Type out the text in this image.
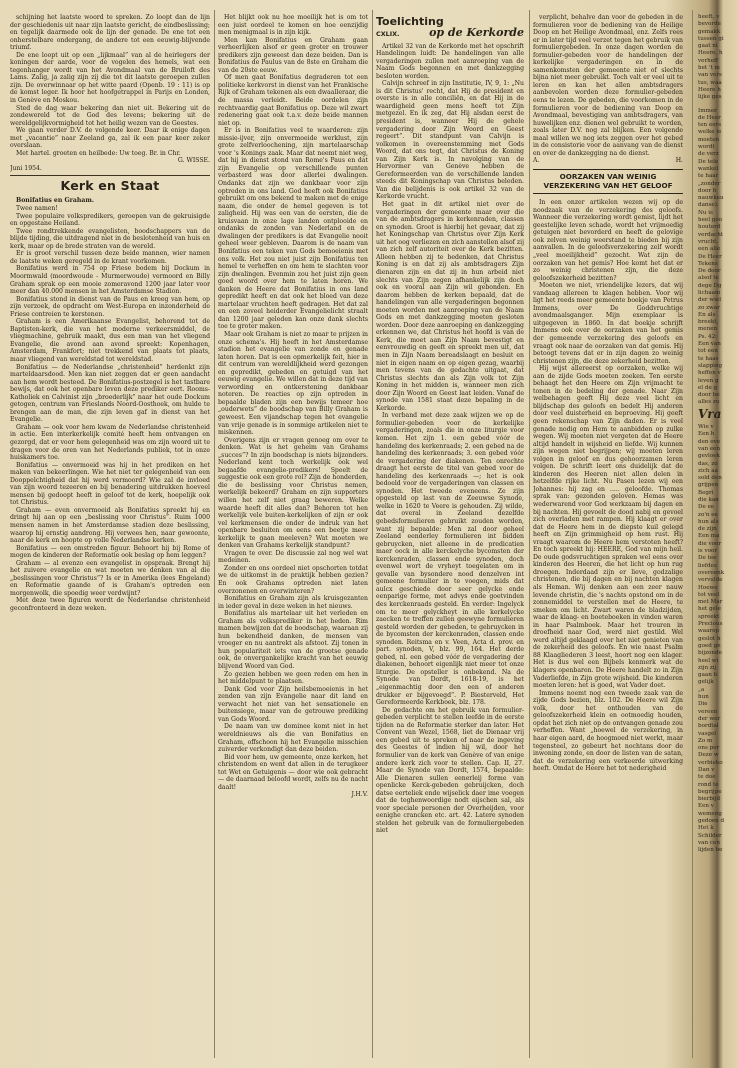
schijning het laatste woord te spreken. Zo loopt dan de lijn der geschiedenis uit naar zijn laatste gericht, de eindbeslissing; en tegelijk daarmede ook de lijn der genade. De ene tot een onherstelbare ondergang, de andere tot een eeuwig-blijvende triumf.

De ene loopt uit op een „lijkmaal” van al de heirlegers der koningen der aarde, voor de vogelen des hemels, wat een tegenhanger wordt van het Avondmaal van de Bruiloft des Lams. Zalig, ja zalig zijn zij die tot dit laatste geroepen zullen zijn. De overwinnaar op het witte paard (Openb. 19 : 11) is op de komst leger. Ik hoor het hoofgetrappel in Parijs en Londen, in Genève en Moskou.

Sted de dag waar bekering dan niet uit. Bekering uit de zondewereld tot de God des levens; bekering uit de wereldgelijkvormigheid tot het heilig wezen van de Geestes.

We gaan verder D.V. de volgende keer. Daar ik enige dagen met „vacantie” naar Zeeland ga, zal ik een paar keer zeker overslaan.

Met hartel. groeten en heilbede: Uw toeg. Br. in Chr.

G. WISSE.

Juni 1954.

Kerk en Staat

Bonifatius en Graham.

Twee namen!

Twee populaire volkspredikers, geroepen van de gekruisigde en opgestane Heiland.

Twee rondtrekkende evangelisten, boodschappers van de blijde tijding, die uitdragend niet in de beslotenheid van huis en kerk, maar op de brede straten van de wereld.

Er is groot verschil tussen deze beide mannen, wier namen de laatste weken geregeld in de krant voorkomen.

Bonifatius werd in 754 op Friese bodem bij Dockum in Moormwald (moordwoude - Murmerwoude) vermoord en Billy Graham sprak op een mooie zomeravond 1200 jaar later voor meer dan 40.000 mensen in het Amsterdamse Stadion.

Bonifatius stond in dienst van de Paus en kreeg van hem, op zijn verzoek, de opdracht om West-Europa en inzonderheid de Friese contreien te kerstenen.

Graham is een Amerikaanse Evangelist, behorend tot de Baptisten-kerk, die van het moderne verkeersmiddel, de vliegmachine, gebruik maakt, dus een man van het vliegend Evangelie, die avond aan avond spreekt: Kopenhagen, Amsterdam, Frankfort; niet trekkend van plaats tot plaats, maar vliegend van wereldstad tot wereldstad.

Bonifatius — de Nederlandse „christenheid” herdenkt zijn marteldaarsdood. Men kan niet zeggen dat er geen aandacht aan hem wordt besteed. De Bonifatius-postzegel is het tastbare bewijs, dat ook het openbare leven deze prediker eert. Rooms-Katholiek en Calvinist zijn „broederlijk” naar het oude Dockum getogen, centrum van Frieslands Noord-Oosthoek, om hulde te brengen aan de man, die zijn leven gaf in dienst van het Evangelie.

Graham — ook voor hem kwam de Nederlandse christenheid in actie. Een interkerkelijk comité heeft hem ontvangen en gezorgd, dat er voor hem gelegenheid was om zijn woord uit te dragen voor de oren van het Nederlands publiek, tot in onze huiskamers toe.

Bonifatius — onvermoeid was hij in het prediken en het maken van bekeerlingen. Wie het niet ter gelegenheid van een Dooppelchtigheid dat hij werd vermoord? Wie zal de invloed van zijn woord tezeeren en bij benadering uitdrukken hoeveel mensen bij gedoopt heeft in geloof tot de kerk, hoepelijk ook tot Christus.

Graham — even onvermoeid als Bonifatius spreekt hij en dringt hij aan op een „beslissing voor Christus”. Ruim 1000 mensen namen in het Amsterdamse stadion deze beslissing, waarop hij ernstig aandrong. Hij verwees hen, naar gewoonte, naar de kerk en hoopte op volle Nederlandse kerken.

Bonifatius — een omstreden figuur. Behoort hij bij Rome of mogen de kinderen der Reformatie ook beslag op hem leggen?

Graham — al evenzo een evangelist in opspraak. Brengt hij het zuivere evangelie en wat moeten we denken van al die „beslissingen voor Christus”? Is er in Amerika (lees Engeland) en Reformatie gaande of is Graham's optreden een morgenwolk, die spoedig weer verdwijnt?

Met deze twee figuren wordt de Nederlandse christenheid geconfronteerd in deze weken.

Het blijkt ook nu hoe moeilijk het is om tot een juist oordeel te komen en hoe eenzijdig men menigmaal is in zijn kijk.

Men kan Bonifatius en Graham gaan verheerlijken alsof er geen groter en trouwer predikers zijn geweest dan deze beiden. Dan is Bonifatius de Paulus van de 8ste en Graham die van de 20ste eeuw.

Of men gaat Bonifatius degraderen tot een politieke kerkvorst in dienst van het Frankische Rijk of Graham tekenen als een dwaalleraar, die de massa verleidt. Beide oordelen zijn rechtvaardig gaat Bonifatius op. Deze wil zwart redenering gaat ook t.a.v. deze beide mannen niet op.

Er is in Bonifatius veel te waarderen: zijn missie-ijver, zijn onvermoeide werklust, zijn grote zelfverloochening, zijn martelaarschap voor 's Konings zaak. Maar dat neemt niet weg, dat hij in dienst stond van Rome's Paus en dat zijn Evangelie op verschillende punten verbasterd was door allerlei dwalingen. Ondanks dat zijn we dankbaar voor zijn optreden in ons land. God heeft ook Bonifatius gebruikt om ons bekend te maken met de enige naam, die onder de hemel gegeven is tot zaligheid. Hij was een van de eersten, die de kruisvaan in onze lage landen ontplooide en ondanks de zonden van Nederland en de dwalingen der predikers is dat Evangelie nooit geheel weer gebleven. Daarom is de naam van Bonifatius een teken van Gods bemoeienis met ons volk. Het zou niet juist zijn Bonifatius ten hemel te verheffen en om hem te slachten voor zijn dwalingen. Evenmin zou het juist zijn geen goed woord over hem te laten horen. We danken de Heere dat Bonifatius in ons land gepredikt heeft en dat ook het bloed van deze martelaar vruchten heeft gedragen. Het dat zal en een zoveel heiderder Evangelielicht straalt dan 1200 jaar geleden kan onze dank slechts toe te groter maken.

Maar ook Graham is niet zo maar te prijzen in onze schema's. Hij heeft in het Amsterdamse stadion het evangelie van zonde en genade laten horen. Dat is een opmerkelijk feit, hier in dit centrum van wereldlijkheid werd gezongen en gepredikt, gebeden en getuigd van het eeuwig evangelie. We willen dat in deze tijd van verwording en ontkerstening dankbaar noteren. De reacties op zijn optreden in bepaalde bladen zijn een bewijs temeer hoe „ouderwets” de boodschap van Billy Graham is geweest. Een vijandschap tegen het evangelie van vrije genade is in sommige artikelen niet te miskennen.

Overigens zijn er vragen genoeg om over te denken. Wat is het geheim van Grahams „succes”? In zijn boodschap is niets bijzonders. Nederland kent toch werkelijk ook wel begaafde evangelie-predikers! Speelt de suggestie ook een grote rol? Zijn de honderden, die de beslissing voor Christus nemen, werkelijk bekeerd? Graham en zijn supporters willen het zelf niet graag beweren. Welke waarde heeft dit alles dan? Behoren tot hen werkelijk vele buiten-kerkelijken of zijn er ook vel kerkmensen die onder de indruk van het openbare besluiten om eens een beetje meer kerkelijk te gaan meeleven? Wat moeten we denken van Grahams kerkelijk standpunt?

Vragen te over. De discussie zal nog wel wat medeinen.

Zonder en ons oordeel niet opschorten totdat we de uitkomst in de praktijk hebben gezien? En ook Grahams optreden niet laten overzonenen en overwinteren?

Bonifatius en Graham zijn als kruisgezanten in ieder geval in deze weken in het nieuws.

Bonifatius als martelaar uit het verleden en Graham als volksprediker in het heden. Rim mamen bewijzen dat de boodschap, waaraan zij hun bekendheid danken, de mensen van vroeger en nu aantrekt als afstoot. Zij tonen in hun populariteit iets van de grootse genade ook, de onvergankelijke kracht van het eeuwig blijvend Woord van God.

Zo gezien hebben we geen reden om hen in het middelpunt te plaatsen.

Dank God voor Zijn heilsbemoeienis in het zenden van zijn Evangelie naar dit land en verwacht het niet van het sensationele en buitensiege, maar van de getrouwe prediking van Gods Woord.

De naam van uw dominee komt niet in het wereldnieuws als die van Bonifatius en Graham, offschoon hij het Evangelie misschien zuiverder verkondigt dan deze beiden.

Bid voor hem, uw gemeente, onze kerken, het christendom en went dat allen in de terugkeer tot Wet en Getuigenis — door wie ook gebracht — de daarnaad beloofd wordt, zelfs nu de nacht daalt!

J.H.V.
Toelichting
CXLIX.	op de Kerkorde

Artikel 32 van de Kerkorde met het opschrift Handelingen luidt: De handelingen van alle vergaderingen zullen met aanroeping van de Naam Gods begonnen en met dankzegging besloten worden.

Calvijn schreef in zijn Institutie, IV, 9, 1: „Nu is dit Christus' recht, dat Hij de president en overste is in alle conciliën, en dat Hij in de waardigheid geen mens heeft tot Zijn metgezel. En ik zeg, dat Hij alsdan eerst de president is, wanneer Hij de gehele vergadering door Zijn Woord en Geest regeert”. Dit standpunt van Calvijn is volkomen in overeenstemming met Gods Woord, dat ons tegt, dat Christus de Koning van Zijn Kerk is. In navolging van de Hervormer van Genève hebben de Gereformeerden van de verschillende landen steeds dit Koningschap van Christus beleden. Van die belijdenis is ook artikel 32 van de Kerkorde vrucht.

Het gaat in dit artikel niet over de vergaderingen der gemeente maar over die van de ambtsdragers in kerkenraden, classen en synoden. Groot is hierbij het gevaar, dat zij het Koningschap van Christus over Zijn Kerk uit het oog verliezen en zich aanstellen alsof zij van zich zelf autoriteit over de Kerk bezitten. Alleen hebben zij te bedenken, dat Christus Koning is en dat zij als ambtsdragers Zijn dienaren zijn en dat zij in hun arbeid niet slechts van Zijn zegen afhankelijk zijn doch ook en vooral aan Zijn wil gebonden. En daarom hebben de kerken bepaald, dat de handelingen van alle vergaderingen begonnen moeten worden met aanroeping van de Naam Gods en met dankzegging moeten gesloten worden. Door deze aanroeping en dankzegging erkennen we, dat Christus het hoofd is van de Kerk, die moet aan Zijn Naam bevestigt en eenvrouwdig en geeft en spreekt men uit, dat men in Zijn Naam bereadslaagt en besluit en niet in eigen naam en op eigen gezag, waarbij men tevens van de gedachte uitgaat, dat Christus slechts dan als Zijn volk tot Zijn Koning in het midden is, wanneer men zich door Zijn Woord en Geest laat leiden. Vanaf de synode van 1581 staat deze bepaling in de Kerkorde.

In verband met deze zaak wijzen we op de formulier-gebeden voor de kerkelijke vergaderingen, zoals die in onze liturgie voor komen. Het zijn 1. een gebed vóór de handeling des kerkenraads; 2. een gebed na de handeling des kerkenraads; 3. een gebed vóór de vergadering der diakenen. Ten onrechte draagt het eerste de titel van gebed voor de handeling des kerkenraads —; het is ook bedoeld voor de vergaderingen van classen en synoden. Het tweede eveneens. Ze zijn opgesteld op last van de Zeeuwse Synode, welke in 1620 te Veere is gehouden. Zij wilde, dat overal in Zeeland dezelfde gebedsformulieren gebruikt zouden worden, want zij bepaalde: Men zal door geheel Zeeland eenderley formulieren int bidden gebruycken, niet alleene in de predicatien maer oock in alle kerckelyche bycomsten der kerckenraden, classen ende synoden, doch evenwel wort de vryheyt toegelaten om in gevalle van bysondere nood denzelven int gemeene formulier in te voegen, mids dat aulcx geschiede door seer gelycke ende eenparige forme, met advys ende goetvinden des kerckenraads gesteld. En verder: Ingelyck om te meer gelyckheyt in alle kerkelycke zaecken te treffen zullen geewyne formulieren gesteld worden der gebeden, te gebruycken in de bycomsten der kerckenraden, classen ende synoden. Reitsma en v. Veen, Acta d. prov. en part. synoden, V, blz. 99, 164. Het derde gebed, nl. een gebed vóór de vergadering der diakenen, behoort eigenlijk niet meer tot onze liturgie. De opsteller is onbekend. Na de Synode van Dordt, 1618-19, is het „eigenmachtig door den een of anderen drukker er bijgevoegd”. P. Biesterveld, Het Gereformeerde Kerkboek, blz. 178.

De gedachte om het gebruik van formulier-gebeden verplicht te stellen leefde in de eerste tijden na de Reformatie sterker dan later. Het Convent van Wezel, 1568, liet de Dienaar vrij een gebed uit te spreken of naar de ingeving des Geestes óf indien hij wil, door het formulier van de kerk van Genève of van enige andere kerk zich voor te stellen. Cap. II, 27. Maar de Synode van Dordt, 1574, bepaalde: Alle Dienaren sullen eenerleij forme van openlicke Kerck-gebeden gebruijcken, doch datse eerteliek ende wijselick daer ime voegen dat de teghenwoordige nodt eijschen sal, als voor speciale personen der Overheijden, voor eenighe crancken etc. art. 42. Latere synoden stelden het gebruik van de formuliergebeden niet

verplicht, behalve dan voor de gebeden in de formulieren voor de bediening van de Heilige Doop en het Heilige Avondmaal, enz. Zelfs rees er in later tijd veel verzet tegen het gebruik van formuliergebeden. In onze dagen worden de formulier-gebeden voor de handelingen der kerkelijke vergaderingen en in de samenkomsten der gemeente niet of slechts bijna niet meer gebruikt. Toch valt er veel uit te leren en kan het allen ambtsdragers aanbevolen worden deze formulier-gebeden eens te lezen. De gebeden, die voorkomen in de formulieren voor de bediening van Doop en Avondmaal, bevestiging van ambtsdragers, van huwelijken enz. dienen wel gebruikt te worden, zoals later D.V. nog zal blijken. Een volgende maal willen we nog iets zeggen over het gebed in de consistorie voor de aanvang van de dienst en over de dankzegging na de dienst.

A.	H.
OORZAKEN VAN WEINIG VERZEKERING VAN HET GELOOF

In een onzer artikelen wezen wij op de noodzaak van de verzekering des geloofs. Wanneer die verzekering wordt gemist, lijdt het geestelijke leven schade, wordt het vrijmoedig getuigen niet bevorderd en heeft de gelovige ook zelven weinig weerstand te bieden bij zijn aanvallen. In de geloofsverzekering zelf wordt „veel moeilijkheid” gezocht. Wat zijn de oorzaken van het gemis? Hoe komt het dat er zo weinig christenen zijn, die deze geloofszekerheid bezitten?

Moeten we niet, vriendelijke lezers, dat wij vandaag allereen te klagen hebben. Voor wij ligt het reeds meer gemeente boekje van Petrus Immens, over De Goddvruchtige avondmaalsganger. Mijn exemplaar is uitgegeven in 1860. In dat boekje schrijft Immens ook over de oorzaken van het gemis der gemeende verzekering des geloofs en vraagt ook naar de oorzaken van dat gemis. Hij betoogt tevens dat er in zijn dagen zo weinig christenen zijn, die deze zekerheid bezitten.

Hij wijst allereerst op oorzaken, welke wij aan de zijde Gods moeten zoeken. Ten eerste behaagt het den Heere om Zijn vrijmacht te tonen in de bedeling der genade. Naar Zijn welbehagen geeft Hij deze veel licht en blijdschap des geloofs en bedelt Hij anderen door veel duisterheid en beproeving. Hij geeft geen rekenschap van Zijn daden. Er is veel genade nodig om Hem te aanbidden op zulke wegen. Wij moeten niet vergeten dat de Heere altijd handelt in wijsheid en liefde. Wij kunnen zijn wegen niet begrijpen; wij moeten leren volgen in geloof en dus gehoorzamen leren volgen. De schrift leert ons duidelijk dat de kinderen des Heeren niet allen delen in hetzelfde rijke licht. Nu Pasen lezen wij een Johannes: hij zag en ..... geloofde. Thomas sprak van: gezonden geloven. Hemas was wederwarend voor God werkzaam bij dagen en bij nachten. Hij gevoelt de dood nabij en gevoel zich overladen met rampen. Hij klaagt er over dat de Heere hem in de diepste kuil gelegd heeft en Zijn grimmigheid op hem rust. Hij vraagt waarom de Heere hem verstoten heeft? En toch spreekt hij: HEERE, God van mijn heil. De oude godsvruchtigen spraken wel eens over kinderen des Heeren, die het licht op hun rug droegen. Inderdaad zijn er lieve, godzalige christenen, die bij dagen en bij nachten klagen als Heman. Wij denken aan een zeer nauw levende christin, die 's nachts opstond om in de zonnemiddel te verstellen met de Heere, te smeken om licht. Zwart waren de bladzijden, waar de klaag- en boeteboeken in vinden waren in haar Psalmboek. Maar het trouren in droefheid naar God, werd niet gestild. Wel werd altijd geklaagd over het niet genieten van de zekerheid des geloofs. En wie naast Psalm 88 Klaagliederen 3 leest, hoort nog een klager. Het is dus wel een Bijbels kenmerk wat de klagers openbaren. De Heere handelt zo in Zijn Vaderliefde, in Zijn grote wijsheid. Die kinderen moeten leren: het is goed, wat Vader doet.

Immens noemt nog een tweede zaak van de zijde Gods bezien, blz. 102. De Heere wil Zijn volk, door het onthouden van de geloofszekerheid klein en ootmoedig houden, opdat het zich niet op de ontvangen genade zou verheffen. Want „hoewel de verzekering, in haar eigen aard, de hoogmoed niet werkt, maar tegensteel, zo gebeurt het nochtans door de inwoning zonde, en door de listen van de satan, dat de verzekering een verkeerde uitwerking heeft. Omdat de Heere het tot nederigheid

heeft, v
bevorde
gemakk
tussen gi
gaat ni
Heere, h
verheff
het 't m
van vers
tus, waa
Heere h
lijke ges
Immer
de Heer
ten eers
welke le
moeten
wordt
de verz
De tele
wankel
te haar
„zonder
door h
nauwkeu
danse).
Nu is
heel goo
houterd
verdacht
vrucht.
een alle
De Heer
Tekens
De door
alsof te
dege Dg
lichaam
der wiel
zo zwar
En als
breekt,
menen
Ps. 42:
Een van
tot een
te haas
slapping
heffen v
leven g
el de g
door he
alles zu
Vra
Wie v
Een h
den ove
van een
gevloek
das, zo
zich aa
sold den
grijpen
Begri
die kan
De ee
zo'n ee
hun als
de zijn
Een ma
die voor
is voor
De tee
liefdes
overeenk
vervulde
Hoewe
tot veel
met Mar
het gele
spreekt
Precious
waarop
geslot h
goed ge
bijzonde
heel wi
zijn zij
gaan b
gelijk
„a
hun
Die
vereen
der wer
bordtal
vasgel
Zo m
ons per
Deze w
verbieko
Dan v
te doe
rond te
begrijpe
bierbijd
Een v
wemeng
gedoen d
Het k
Schilder
van cen
lijden be
